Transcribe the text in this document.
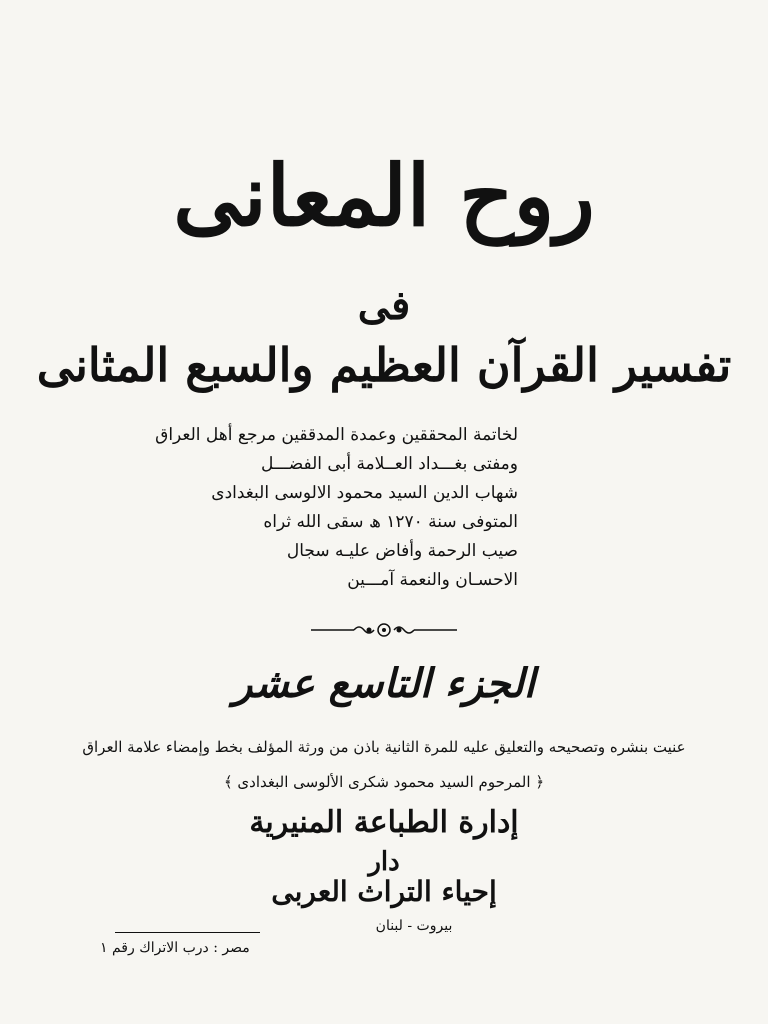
روح المعانی
فی
تفسیر القرآن العظیم والسبع المثانی
لخاتمة المحققين وعمدة المدققين مرجع أهل العراق
ومفتی بغـــداد العــلامة أبی الفضـــل
شهاب الدين السيد محمود الالوسی البغدادی
المتوفى سنة ١٢٧٠ ھ سقی الله ثراه
صيب الرحمة وأفاض عليـه سجال
الاحسـان والنعمة آمـــين
الجزء التاسع عشر
عنيت بنشره وتصحيحه والتعليق عليه للمرة الثانية باذن من ورثة المؤلف بخط وإمضاء علامة العراق
﴿ المرحوم السيد محمود شكری الألوسی البغدادی ﴾
إدارة الطباعة المنيرية
دار
إحياء التراث العربی
بيروت - لبنان
مصر : درب الاتراك رقم ١
